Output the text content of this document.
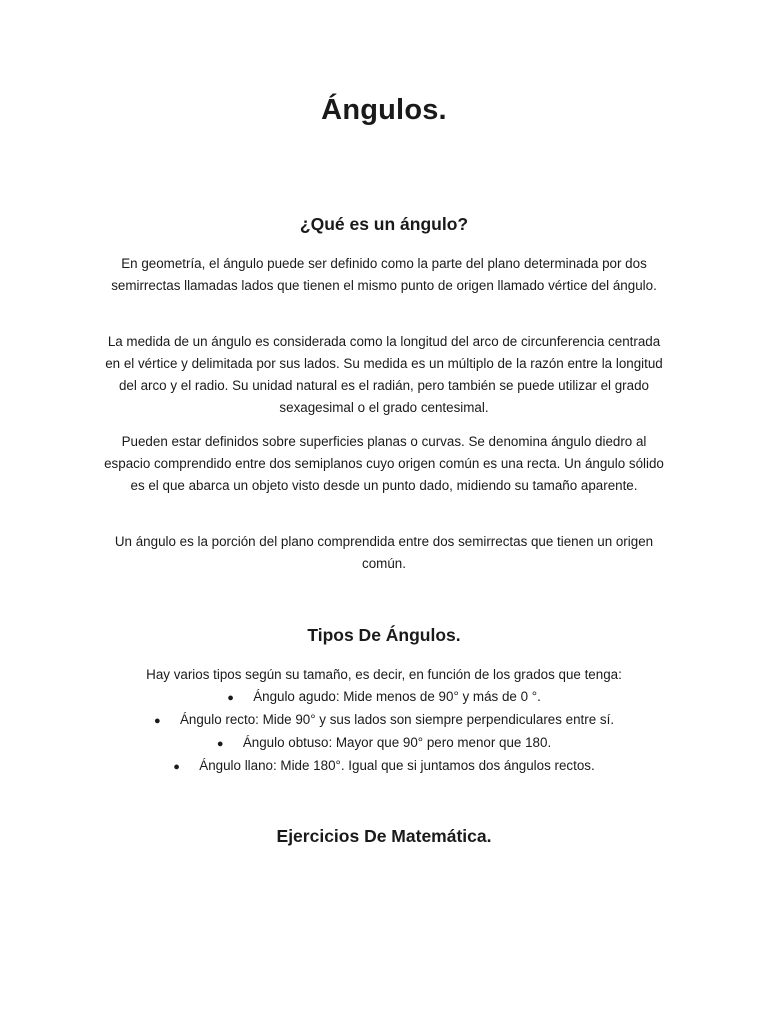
Ángulos.
¿Qué es un ángulo?

En geometría, el ángulo puede ser definido como la parte del plano determinada por dos semirrectas llamadas lados que tienen el mismo punto de origen llamado vértice del ángulo.

La medida de un ángulo es considerada como la longitud del arco de circunferencia centrada en el vértice y delimitada por sus lados. Su medida es un múltiplo de la razón entre la longitud del arco y el radio. Su unidad natural es el radián, pero también se puede utilizar el grado sexagesimal o el grado centesimal.

Pueden estar definidos sobre superficies planas o curvas. Se denomina ángulo diedro al espacio comprendido entre dos semiplanos cuyo origen común es una recta. Un ángulo sólido es el que abarca un objeto visto desde un punto dado, midiendo su tamaño aparente.

Un ángulo es la porción del plano comprendida entre dos semirrectas que tienen un origen común.

Tipos De Ángulos.

Hay varios tipos según su tamaño, es decir, en función de los grados que tenga:

● Ángulo agudo: Mide menos de 90° y más de 0 °.
● Ángulo recto: Mide 90° y sus lados son siempre perpendiculares entre sí.
● Ángulo obtuso: Mayor que 90° pero menor que 180.
● Ángulo llano: Mide 180°. Igual que si juntamos dos ángulos rectos.
Ejercicios De Matemática.
